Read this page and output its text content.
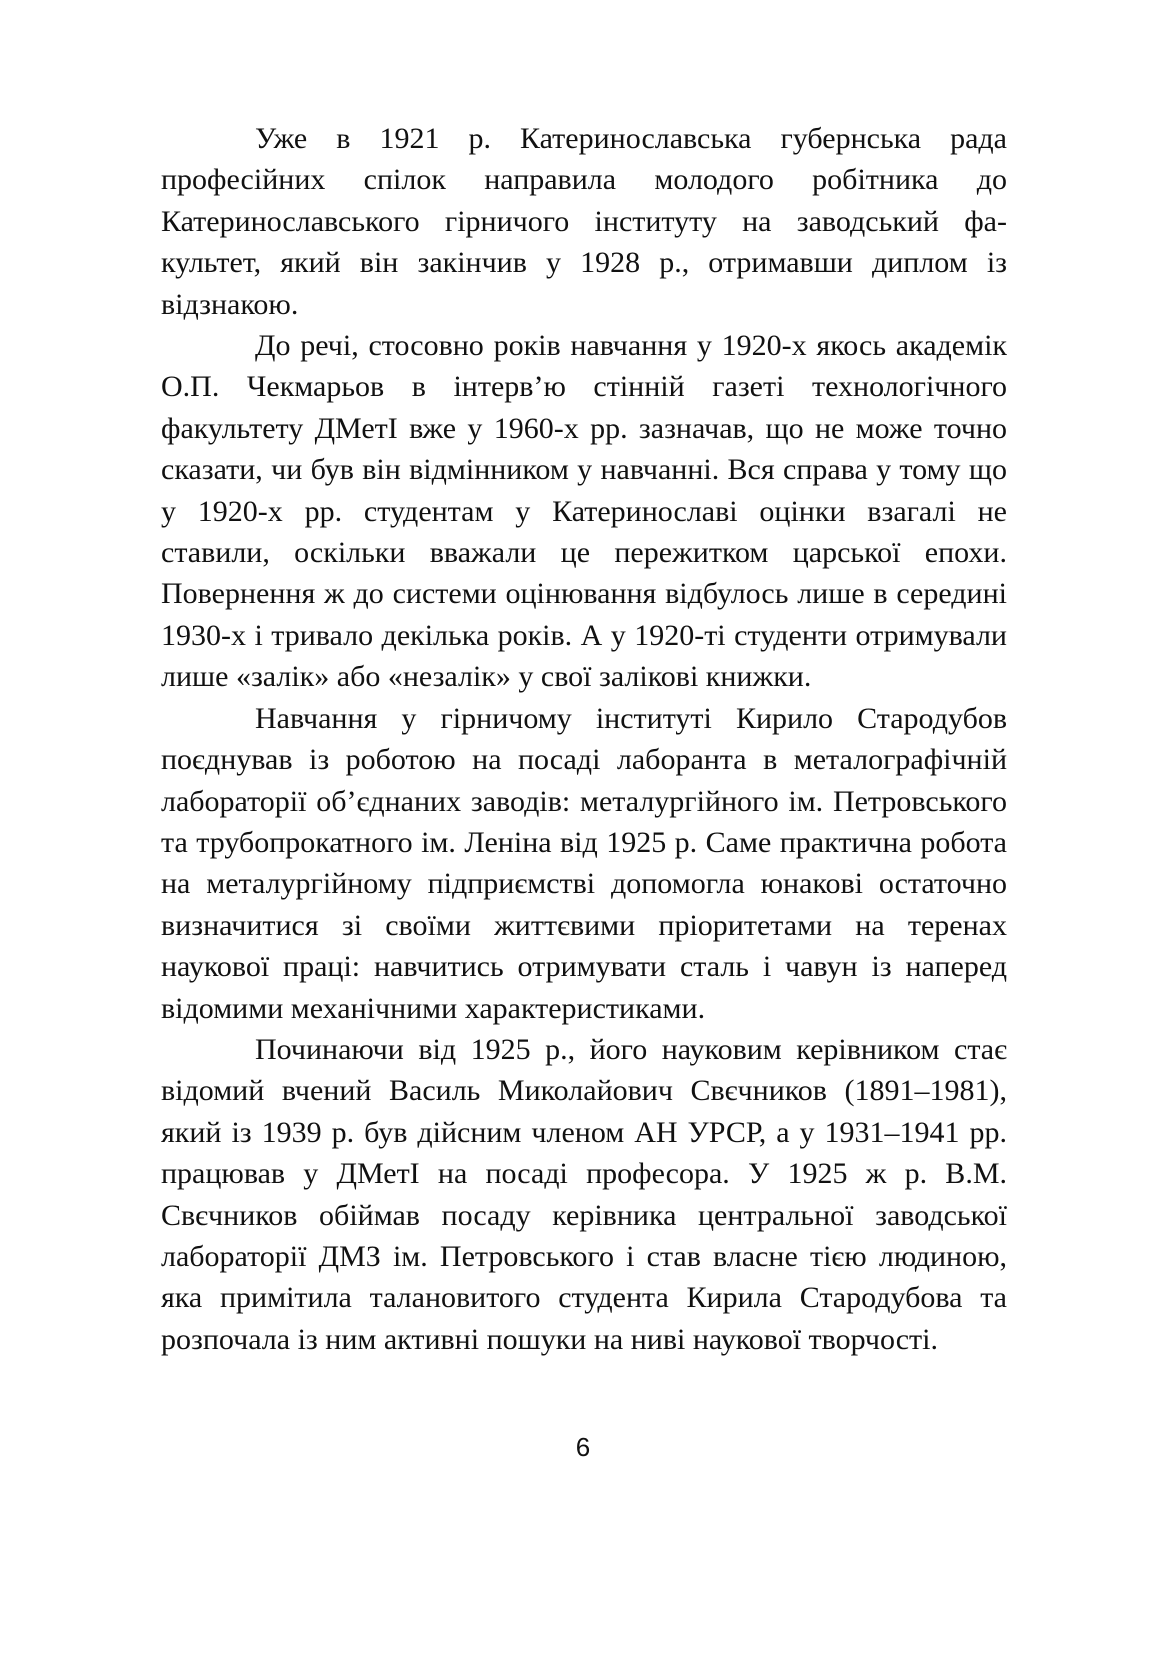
Уже в 1921 р. Катеринославська губернська рада професійних спілок направила молодого робітника до Катеринославського гірничого інституту на заводський факультет, який він закінчив у 1928 р., отримавши диплом із відзнакою.

До речі, стосовно років навчання у 1920-х якось академік О.П. Чекмарьов в інтерв’ю стінній газеті технологічного факультету ДМетІ вже у 1960-х рр. зазначав, що не може точно сказати, чи був він відмінником у навчанні. Вся справа у тому що у 1920-х рр. студентам у Катеринославі оцінки взагалі не ставили, оскільки вважали це пережитком царської епохи. Повернення ж до системи оцінювання відбулось лише в середині 1930-х і тривало декілька років. А у 1920-ті студенти отримували лише «залік» або «незалік» у свої залікові книжки.

Навчання у гірничому інституті Кирило Стародубов поєднував із роботою на посаді лаборанта в металографічній лабораторії об’єднаних заводів: металургійного ім. Петровського та трубопрокатного ім. Леніна від 1925 р. Саме практична робота на металургійному підприємстві допомогла юнакові остаточно визначитися зі своїми життєвими пріоритетами на теренах наукової праці: навчитись отримувати сталь і чавун із наперед відомими механічними характеристиками.

Починаючи від 1925 р., його науковим керівником стає відомий вчений Василь Миколайович Свєчников (1891–1981), який із 1939 р. був дійсним членом АН УРСР, а у 1931–1941 рр. працював у ДМетІ на посаді професора. У 1925 ж р. В.М. Свєчников обіймав посаду керівника центральної заводської лабораторії ДМЗ ім. Петровського і став власне тією людиною, яка примітила талановитого студента Кирила Стародубова та розпочала із ним активні пошуки на ниві наукової творчості.

6
